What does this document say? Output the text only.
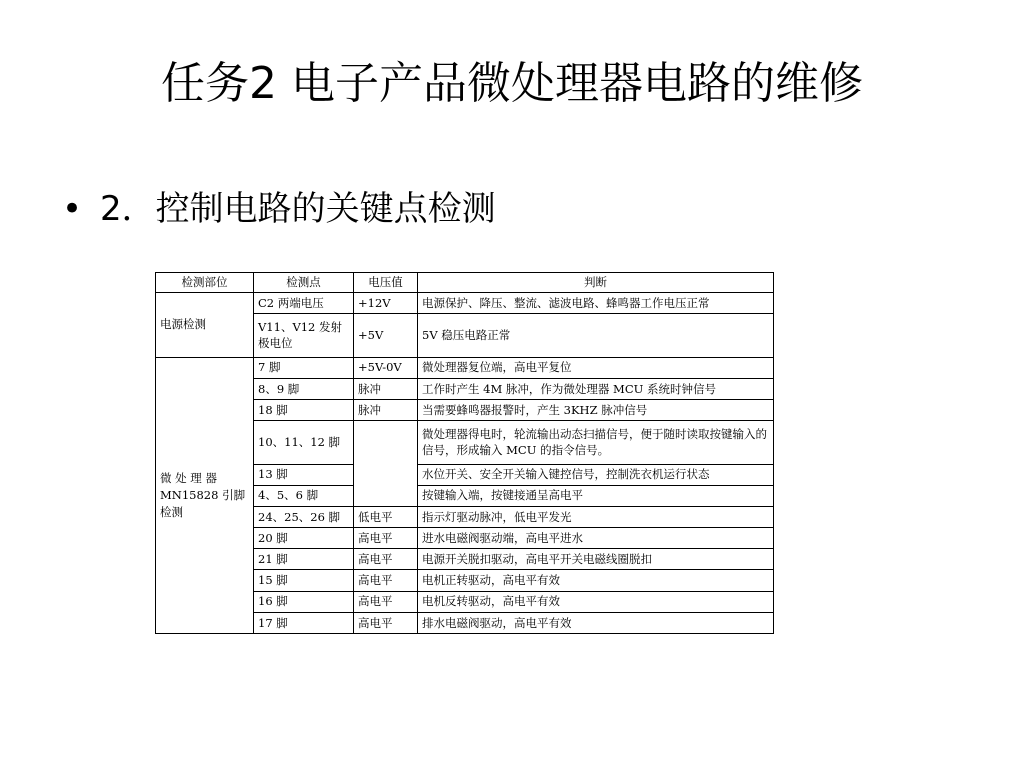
任务2 电子产品微处理器电路的维修
• 2．控制电路的关键点检测
检测部位	检测点	电压值	判断
电源检测	C2 两端电压	+12V	电源保护、降压、整流、滤波电路、蜂鸣器工作电压正常
	V11、V12 发射极电位	+5V	5V 稳压电路正常
微 处 理 器 MN15828 引脚检测	7 脚	+5V-0V	微处理器复位端，高电平复位
	8、9 脚	脉冲	工作时产生 4M 脉冲，作为微处理器 MCU 系统时钟信号
	18 脚	脉冲	当需要蜂鸣器报警时，产生 3KHZ 脉冲信号
	10、11、12 脚		微处理器得电时，轮流输出动态扫描信号，便于随时读取按键输入的信号，形成输入 MCU 的指令信号。
	13 脚		水位开关、安全开关输入键控信号，控制洗衣机运行状态
	4、5、6 脚		按键输入端，按键接通呈高电平
	24、25、26 脚	低电平	指示灯驱动脉冲，低电平发光
	20 脚	高电平	进水电磁阀驱动端，高电平进水
	21 脚	高电平	电源开关脱扣驱动，高电平开关电磁线圈脱扣
	15 脚	高电平	电机正转驱动，高电平有效
	16 脚	高电平	电机反转驱动，高电平有效
	17 脚	高电平	排水电磁阀驱动，高电平有效
